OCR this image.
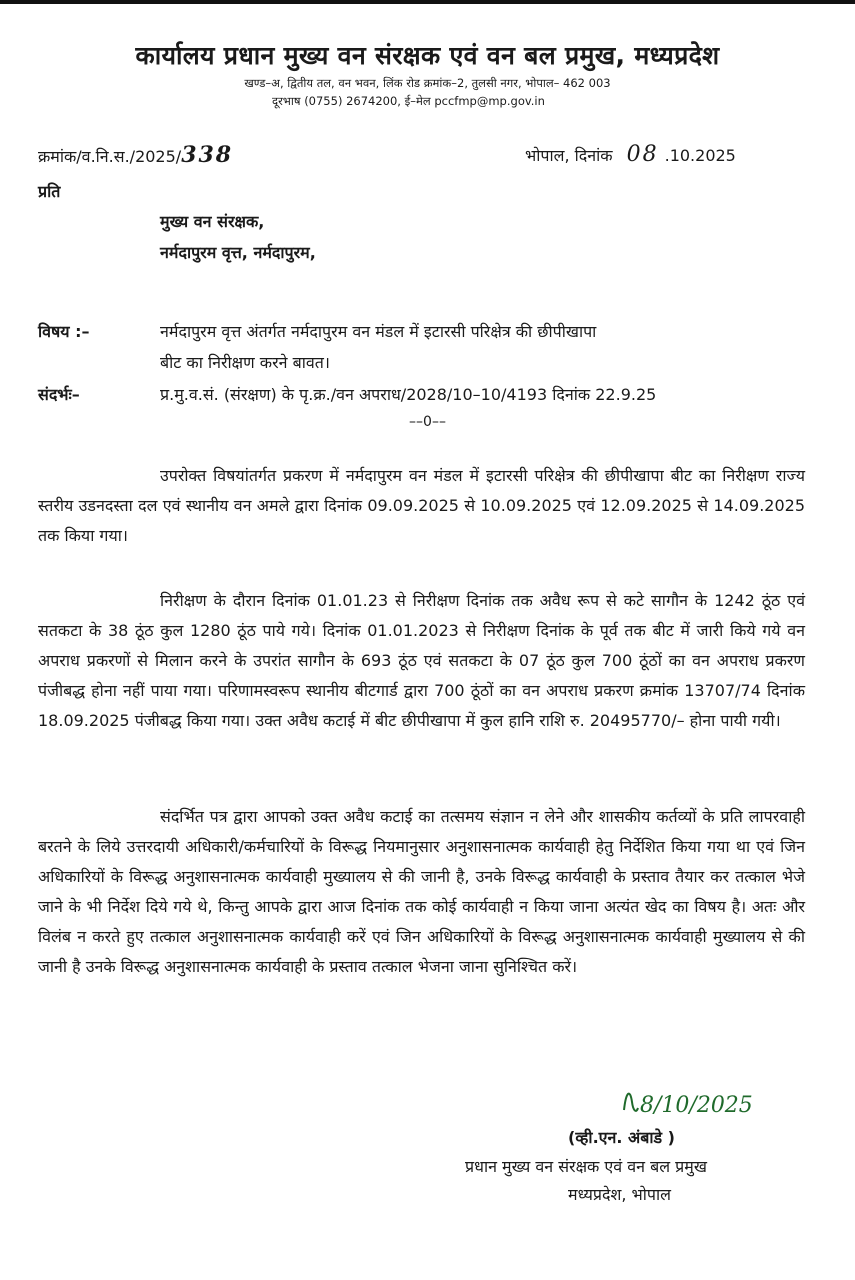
कार्यालय प्रधान मुख्य वन संरक्षक एवं वन बल प्रमुख, मध्यप्रदेश
खण्ड–अ, द्वितीय तल, वन भवन, लिंक रोड क्रमांक–2, तुलसी नगर, भोपाल– 462 003
दूरभाष (0755) 2674200, ई–मेल pccfmp@mp.gov.in
क्रमांक/व.नि.स./2025/338	भोपाल, दिनांक 08 .10.2025
प्रति
मुख्य वन संरक्षक,
नर्मदापुरम वृत्त, नर्मदापुरम,
विषय :–	नर्मदापुरम वृत्त अंतर्गत नर्मदापुरम वन मंडल में इटारसी परिक्षेत्र की छीपीखापा
बीट का निरीक्षण करने बावत।
संदर्भः–	प्र.मु.व.सं. (संरक्षण) के पृ.क्र./वन अपराध/2028/10–10/4193 दिनांक 22.9.25
––0––
उपरोक्त विषयांतर्गत प्रकरण में नर्मदापुरम वन मंडल में इटारसी परिक्षेत्र की छीपीखापा बीट का निरीक्षण राज्य स्तरीय उडनदस्ता दल एवं स्थानीय वन अमले द्वारा दिनांक 09.09.2025 से 10.09.2025 एवं 12.09.2025 से 14.09.2025 तक किया गया।
निरीक्षण के दौरान दिनांक 01.01.23 से निरीक्षण दिनांक तक अवैध रूप से कटे सागौन के 1242 ठूंठ एवं सतकटा के 38 ठूंठ कुल 1280 ठूंठ पाये गये। दिनांक 01.01.2023 से निरीक्षण दिनांक के पूर्व तक बीट में जारी किये गये वन अपराध प्रकरणों से मिलान करने के उपरांत सागौन के 693 ठूंठ एवं सतकटा के 07 ठूंठ कुल 700 ठूंठों का वन अपराध प्रकरण पंजीबद्ध होना नहीं पाया गया। परिणामस्वरूप स्थानीय बीटगार्ड द्वारा 700 ठूंठों का वन अपराध प्रकरण क्रमांक 13707/74 दिनांक 18.09.2025 पंजीबद्ध किया गया। उक्त अवैध कटाई में बीट छीपीखापा में कुल हानि राशि रु. 20495770/– होना पायी गयी।
संदर्भित पत्र द्वारा आपको उक्त अवैध कटाई का तत्समय संज्ञान न लेने और शासकीय कर्तव्यों के प्रति लापरवाही बरतने के लिये उत्तरदायी अधिकारी/कर्मचारियों के विरूद्ध नियमानुसार अनुशासनात्मक कार्यवाही हेतु निर्देशित किया गया था एवं जिन अधिकारियों के विरूद्ध अनुशासनात्मक कार्यवाही मुख्यालय से की जानी है, उनके विरूद्ध कार्यवाही के प्रस्ताव तैयार कर तत्काल भेजे जाने के भी निर्देश दिये गये थे, किन्तु आपके द्वारा आज दिनांक तक कोई कार्यवाही न किया जाना अत्यंत खेद का विषय है। अतः और विलंब न करते हुए तत्काल अनुशासनात्मक कार्यवाही करें एवं जिन अधिकारियों के विरूद्ध अनुशासनात्मक कार्यवाही मुख्यालय से की जानी है उनके विरूद्ध अनुशासनात्मक कार्यवाही के प्रस्ताव तत्काल भेजना जाना सुनिश्चित करें।
8/10/2025
(व्ही.एन. अंबाडे )
प्रधान मुख्य वन संरक्षक एवं वन बल प्रमुख
मध्यप्रदेश, भोपाल
